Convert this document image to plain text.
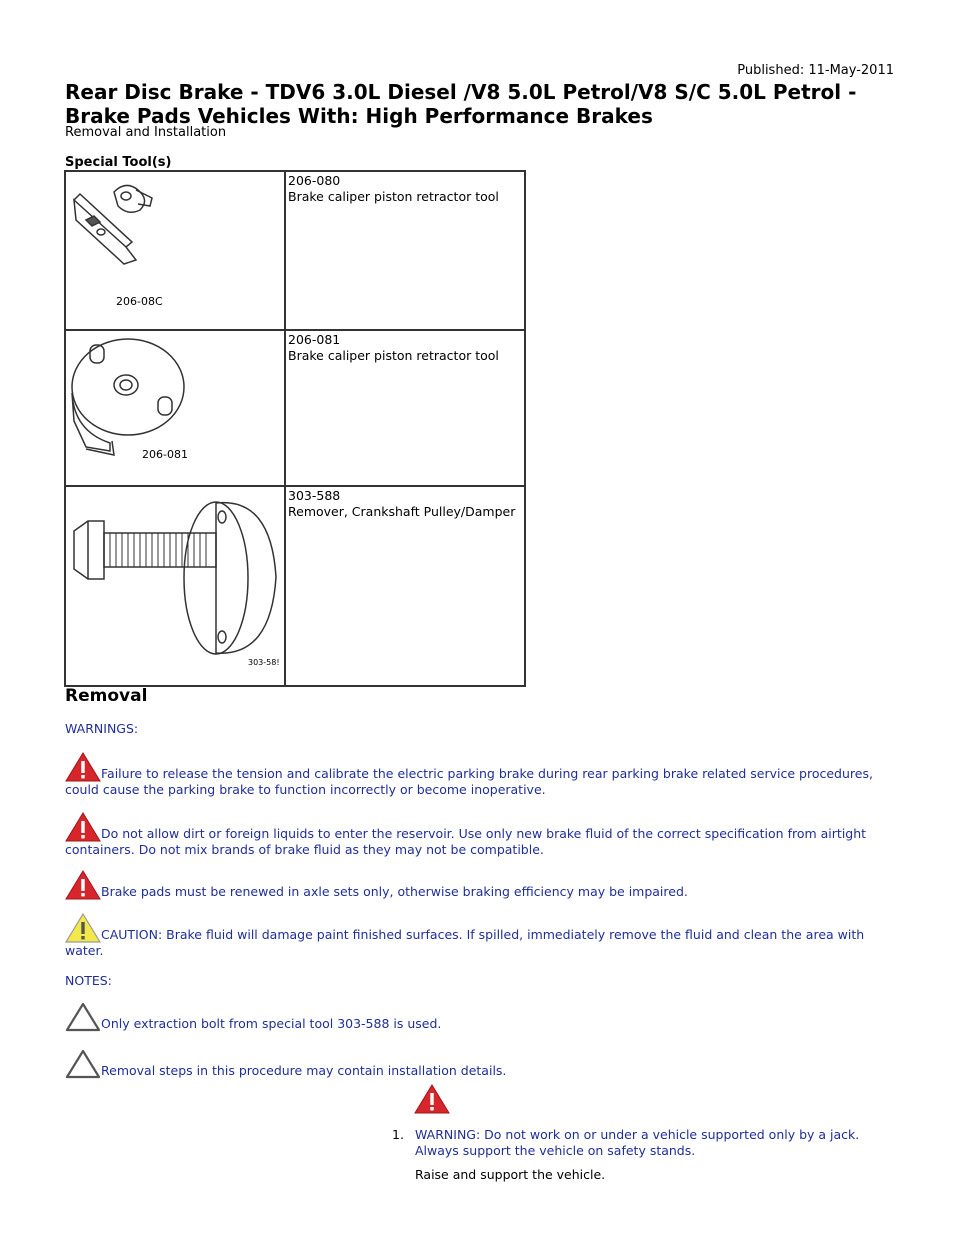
Published: 11-May-2011
Rear Disc Brake - TDV6 3.0L Diesel /V8 5.0L Petrol/V8 S/C 5.0L Petrol - Brake Pads Vehicles With: High Performance Brakes
Removal and Installation
Special Tool(s)
206-08C	206-080
Brake caliper piston retractor tool

206-081	206-081
Brake caliper piston retractor tool

303-58!	303-588
Remover, Crankshaft Pulley/Damper
Removal
WARNINGS:
Failure to release the tension and calibrate the electric parking brake during rear parking brake related service procedures, could cause the parking brake to function incorrectly or become inoperative.
Do not allow dirt or foreign liquids to enter the reservoir. Use only new brake fluid of the correct specification from airtight containers. Do not mix brands of brake fluid as they may not be compatible.
Brake pads must be renewed in axle sets only, otherwise braking efficiency may be impaired.
CAUTION: Brake fluid will damage paint finished surfaces. If spilled, immediately remove the fluid and clean the area with water.
NOTES:
Only extraction bolt from special tool 303-588 is used.
Removal steps in this procedure may contain installation details.
1. WARNING: Do not work on or under a vehicle supported only by a jack. Always support the vehicle on safety stands.
Raise and support the vehicle.
